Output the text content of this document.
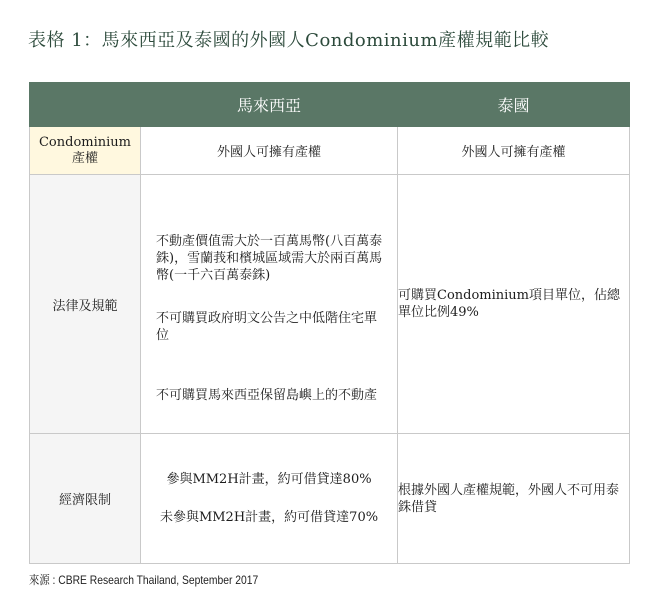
表格 1：馬來西亞及泰國的外國人Condominium產權規範比較
	馬來西亞	泰國

Condominium
產權	外國人可擁有產權	外國人可擁有產權
法律及規範	不動產價值需大於一百萬馬幣(八百萬泰銖)，雪蘭莪和檳城區域需大於兩百萬馬幣(一千六百萬泰銖)
不可購買政府明文公告之中低階住宅單位
不可購買馬來西亞保留島嶼上的不動產	可購買Condominium項目單位，佔總單位比例49%
經濟限制	參與MM2H計畫，約可借貸達80%
未參與MM2H計畫，約可借貸達70%	根據外國人產權規範，外國人不可用泰銖借貸
來源 : CBRE Research Thailand, September 2017
